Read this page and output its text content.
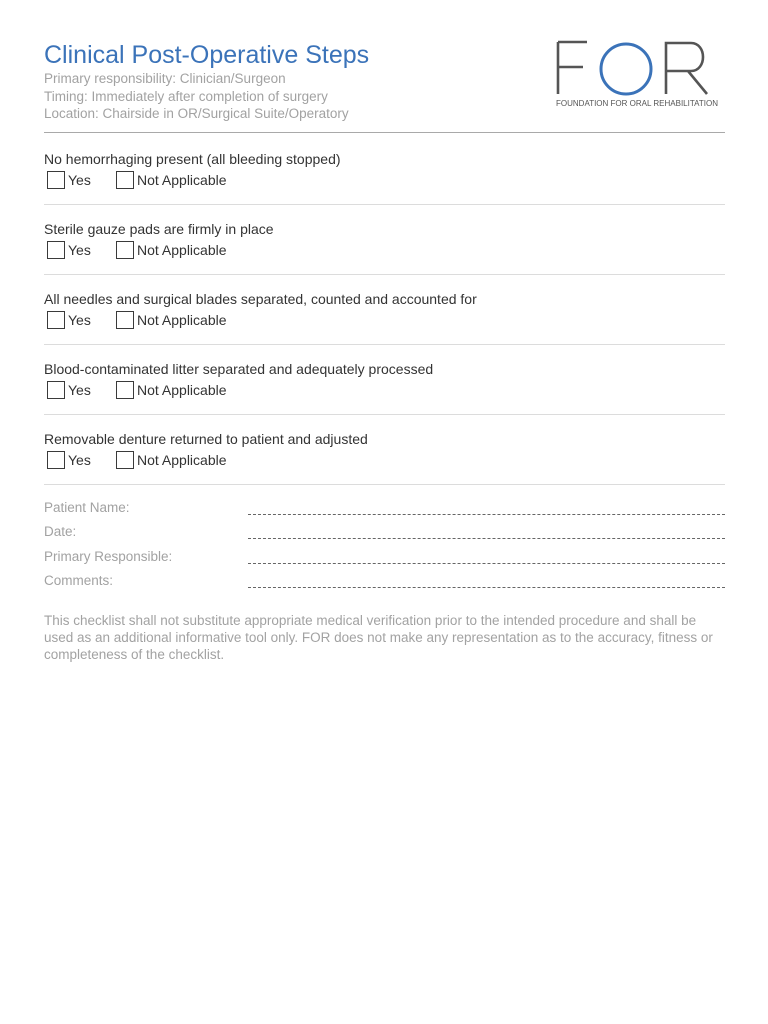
Clinical Post-Operative Steps
Primary responsibility: Clinician/Surgeon
Timing: Immediately after completion of surgery
Location: Chairside in OR/Surgical Suite/Operatory
FOUNDATION FOR ORAL REHABILITATION
No hemorrhaging present (all bleeding stopped)
Yes	Not Applicable
Sterile gauze pads are firmly in place
Yes	Not Applicable
All needles and surgical blades separated, counted and accounted for
Yes	Not Applicable
Blood-contaminated litter separated and adequately processed
Yes	Not Applicable
Removable denture returned to patient and adjusted
Yes	Not Applicable
Patient Name:
Date:
Primary Responsible:
Comments:
This checklist shall not substitute appropriate medical verification prior to the intended procedure and shall be used as an additional informative tool only. FOR does not make any representation as to the accuracy, fitness or completeness of the checklist.
